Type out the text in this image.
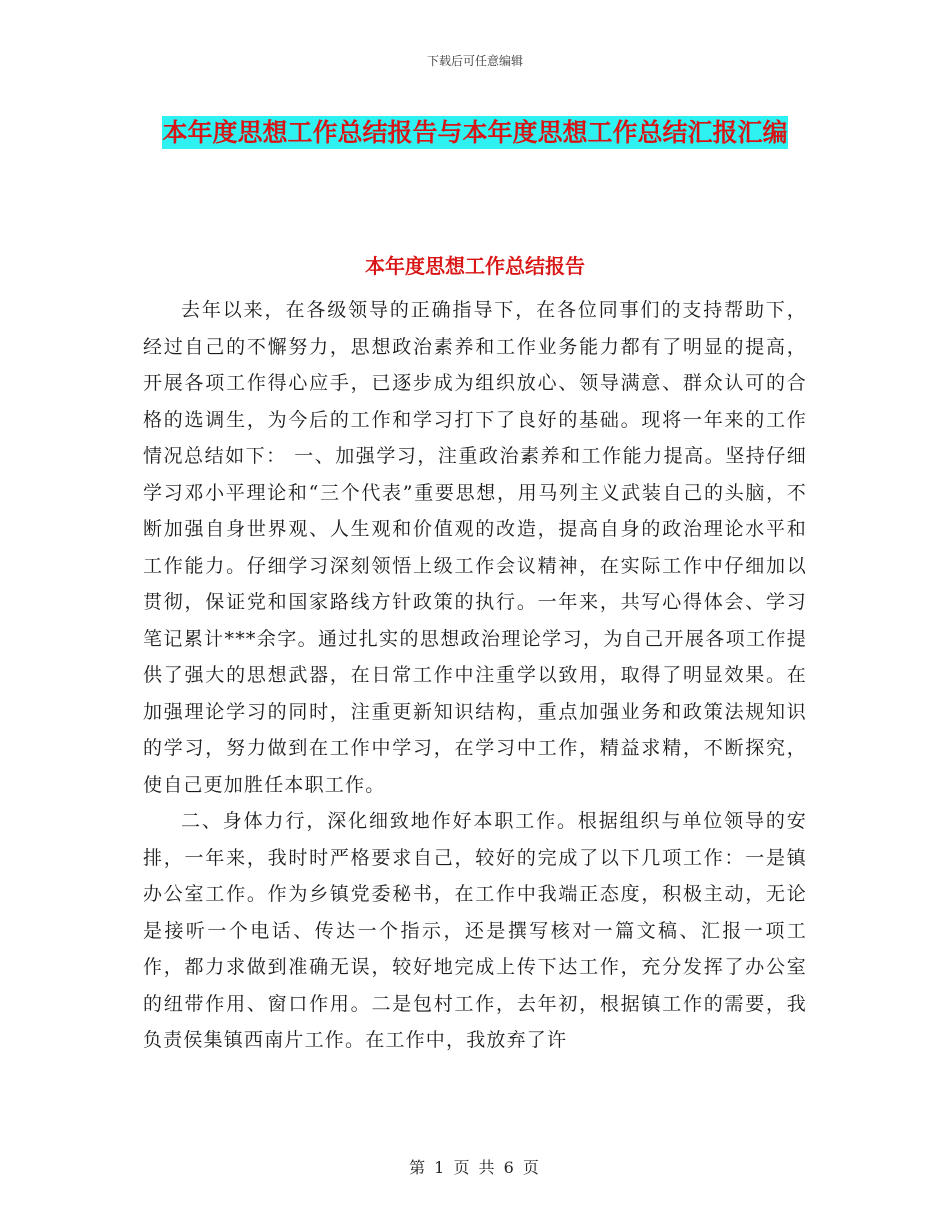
下载后可任意编辑
本年度思想工作总结报告与本年度思想工作总结汇报汇编
本年度思想工作总结报告

去年以来，在各级领导的正确指导下，在各位同事们的支持帮助下，经过自己的不懈努力，思想政治素养和工作业务能力都有了明显的提高，开展各项工作得心应手，已逐步成为组织放心、领导满意、群众认可的合格的选调生，为今后的工作和学习打下了良好的基础。现将一年来的工作情况总结如下： 一、加强学习，注重政治素养和工作能力提高。坚持仔细学习邓小平理论和“三个代表”重要思想，用马列主义武装自己的头脑，不断加强自身世界观、人生观和价值观的改造，提高自身的政治理论水平和工作能力。仔细学习深刻领悟上级工作会议精神，在实际工作中仔细加以贯彻，保证党和国家路线方针政策的执行。一年来，共写心得体会、学习笔记累计***余字。通过扎实的思想政治理论学习，为自己开展各项工作提供了强大的思想武器，在日常工作中注重学以致用，取得了明显效果。在加强理论学习的同时，注重更新知识结构，重点加强业务和政策法规知识的学习，努力做到在工作中学习，在学习中工作，精益求精，不断探究，使自己更加胜任本职工作。

二、身体力行，深化细致地作好本职工作。根据组织与单位领导的安排，一年来，我时时严格要求自己，较好的完成了以下几项工作：一是镇办公室工作。作为乡镇党委秘书，在工作中我端正态度，积极主动，无论是接听一个电话、传达一个指示，还是撰写核对一篇文稿、汇报一项工作，都力求做到准确无误，较好地完成上传下达工作，充分发挥了办公室的纽带作用、窗口作用。二是包村工作，去年初，根据镇工作的需要，我负责侯集镇西南片工作。在工作中，我放弃了许

第 1 页 共 6 页
